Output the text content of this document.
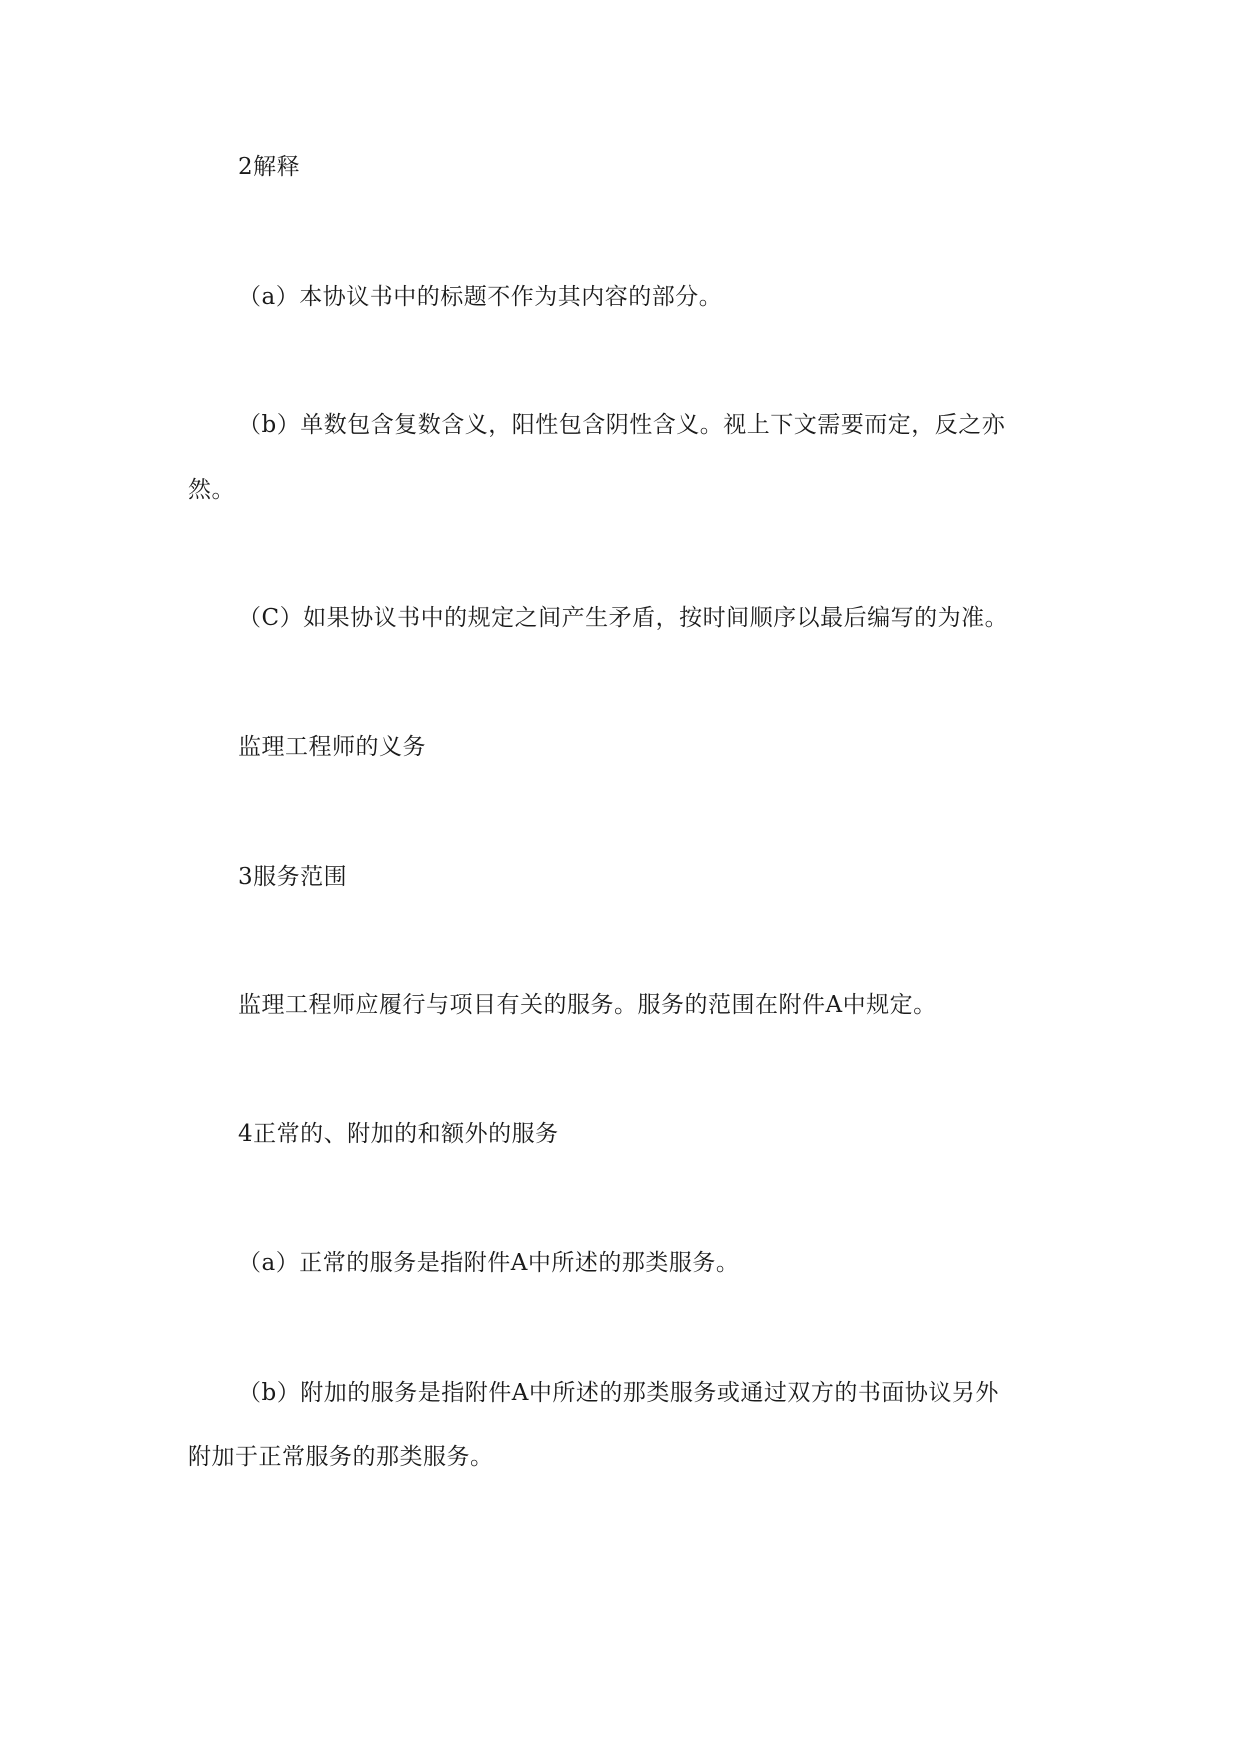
2解释
（a）本协议书中的标题不作为其内容的部分。
（b）单数包含复数含义，阳性包含阴性含义。视上下文需要而定，反之亦
然。
（C）如果协议书中的规定之间产生矛盾，按时间顺序以最后编写的为准。
监理工程师的义务
3服务范围
监理工程师应履行与项目有关的服务。服务的范围在附件A中规定。
4正常的、附加的和额外的服务
（a）正常的服务是指附件A中所述的那类服务。
（b）附加的服务是指附件A中所述的那类服务或通过双方的书面协议另外
附加于正常服务的那类服务。
